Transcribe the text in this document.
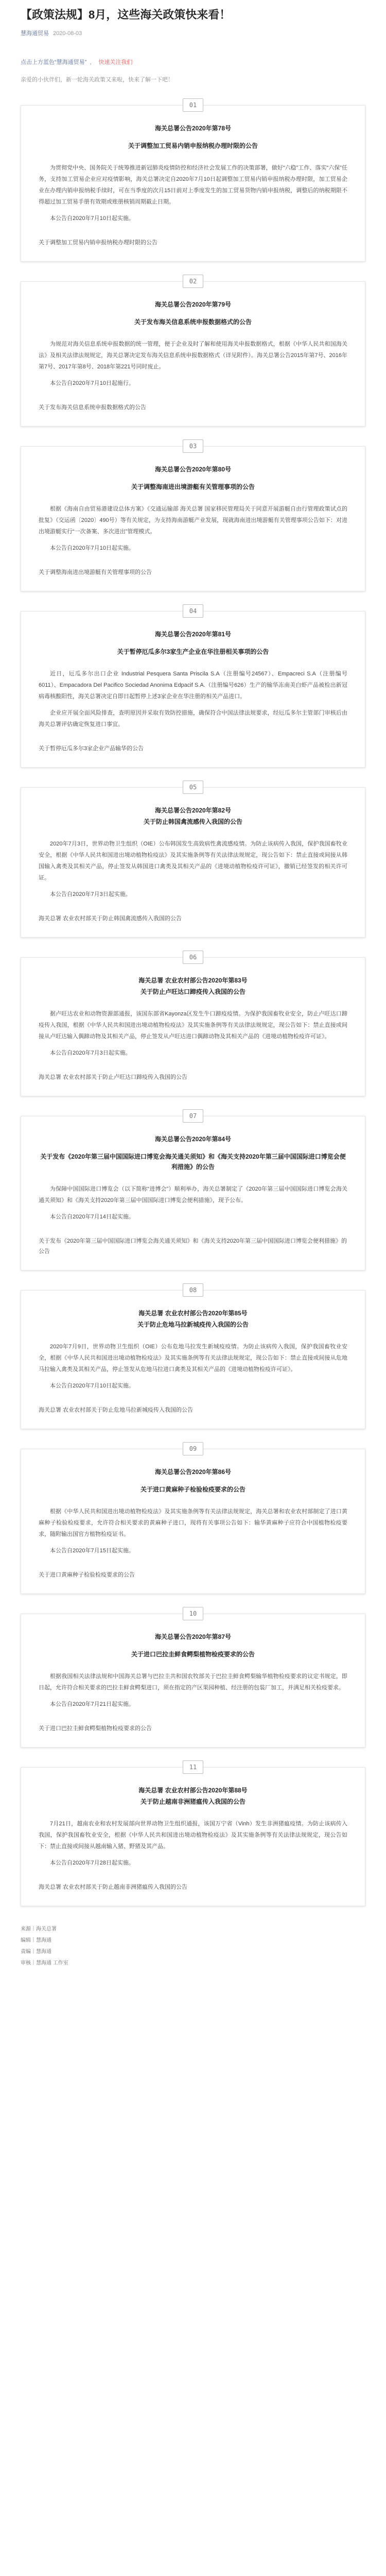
【政策法规】8月，这些海关政策快来看！
慧海通贸易 2020-08-03
点击上方蓝色“慧海通贸易” ， 快速关注我们
亲爱的小伙伴们，新一轮海关政策又来啦，快来了解一下吧！
01
海关总署公告2020年第78号
关于调整加工贸易内销申报纳税办理时限的公告

为贯彻党中央、国务院关于统筹推进新冠肺炎疫情防控和经济社会发展工作的决策部署，做好“六稳”工作、落实“六保”任务，支持加工贸易企业应对疫情影响，海关总署决定自2020年7月10日起调整加工贸易内销申报纳税办理时限，加工贸易企业在办理内销申报纳税手续时，可在当季度的次月15日前对上季度发生的加工贸易货物内销申报纳税，调整后的纳税期限不得超过加工贸易手册有效期或账册核销周期截止日期。

本公告自2020年7月10日起实施。

关于调整加工贸易内销申报纳税办理时限的公告
02
海关总署公告2020年第79号
关于发布海关信息系统申报数据格式的公告

为规范对海关信息系统申报数据的统一管理，便于企业及时了解和使用海关申报数据格式，根据《中华人民共和国海关法》及相关法律法规规定，海关总署决定发布海关信息系统申报数据格式（详见附件）。海关总署公告2015年第7号、2016年第7号、2017年第8号、2018年第221号同时废止。

本公告自2020年7月10日起施行。

关于发布海关信息系统申报数据格式的公告
03
海关总署公告2020年第80号
关于调整海南进出境游艇有关管理事项的公告

根据《海南自由贸易港建设总体方案》《交通运输部 海关总署 国家移民管理局关于同意开展游艇自由行管理政策试点的批复》（交运函〔2020〕490号）等有关规定，为支持海南游艇产业发展，现就海南进出境游艇有关管理事项公告如下：对进出境游艇实行“一次备案、多次进出”管理模式。

本公告自2020年7月10日起实施。

关于调整海南进出境游艇有关管理事项的公告
04
海关总署公告2020年第81号
关于暂停厄瓜多尔3家生产企业在华注册相关事项的公告

近日，厄瓜多尔出口企业 Industrial Pesquera Santa Priscila S.A（注册编号24567）、Empacreci S.A（注册编号6011）、Empacadora Del Pacifico Sociedad Anonima Edpacif S.A.（注册编号626）生产的输华冻南美白虾产品被检出新冠病毒核酸阳性，海关总署决定自即日起暂停上述3家企业在华注册的相关产品进口。

企业应开展全面风险排查，查明原因并采取有效防控措施，确保符合中国法律法规要求，经厄瓜多尔主管部门审核后由海关总署评估确定恢复进口事宜。

关于暂停厄瓜多尔3家企业产品输华的公告
05
海关总署公告2020年第82号
关于防止韩国禽流感传入我国的公告

2020年7月3日，世界动物卫生组织（OIE）公布韩国发生高致病性禽流感疫情。为防止该病传入我国，保护我国畜牧业安全，根据《中华人民共和国进出境动植物检疫法》及其实施条例等有关法律法规规定，现公告如下：禁止直接或间接从韩国输入禽类及其相关产品，停止签发从韩国进口禽类及其相关产品的《进境动植物检疫许可证》，撤销已经签发的相关许可证。

本公告自2020年7月3日起实施。

海关总署 农业农村部关于防止韩国禽流感传入我国的公告
06
海关总署 农业农村部公告2020年第83号
关于防止卢旺达口蹄疫传入我国的公告

据卢旺达农业和动物资源部通报，该国东部省Kayonza区发生牛口蹄疫疫情。为保护我国畜牧业安全，防止卢旺达口蹄疫传入我国，根据《中华人民共和国进出境动植物检疫法》及其实施条例等有关法律法规规定，现公告如下：禁止直接或间接从卢旺达输入偶蹄动物及其相关产品，停止签发从卢旺达进口偶蹄动物及其相关产品的《进境动植物检疫许可证》。

本公告自2020年7月3日起实施。

海关总署 农业农村部关于防止卢旺达口蹄疫传入我国的公告
07
海关总署公告2020年第84号
关于发布《2020年第三届中国国际进口博览会海关通关须知》和《海关支持2020年第三届中国国际进口博览会便利措施》的公告

为保障中国国际进口博览会（以下简称“进博会”）顺利举办，海关总署制定了《2020年第三届中国国际进口博览会海关通关须知》和《海关支持2020年第三届中国国际进口博览会便利措施》，现予公布。

本公告自2020年7月14日起实施。

关于发布《2020年第三届中国国际进口博览会海关通关须知》和《海关支持2020年第三届中国国际进口博览会便利措施》的公告
08
海关总署 农业农村部公告2020年第85号
关于防止危地马拉新城疫传入我国的公告

2020年7月9日，世界动物卫生组织（OIE）公布危地马拉发生新城疫疫情。为防止该病传入我国，保护我国畜牧业安全，根据《中华人民共和国进出境动植物检疫法》及其实施条例等有关法律法规规定，现公告如下：禁止直接或间接从危地马拉输入禽类及其相关产品，停止签发从危地马拉进口禽类及其相关产品的《进境动植物检疫许可证》。

本公告自2020年7月10日起实施。

海关总署 农业农村部关于防止危地马拉新城疫传入我国的公告
09
海关总署公告2020年第86号
关于进口黄麻种子检验检疫要求的公告

根据《中华人民共和国进出境动植物检疫法》及其实施条例等有关法律法规规定，海关总署和农业农村部制定了进口黄麻种子检验检疫要求，允许符合相关要求的黄麻种子进口，现将有关事项公告如下：输华黄麻种子应符合中国植物检疫要求，随附输出国官方植物检疫证书。

本公告自2020年7月15日起实施。

关于进口黄麻种子检验检疫要求的公告
10
海关总署公告2020年第87号
关于进口巴拉圭鲜食鳄梨植物检疫要求的公告

根据我国相关法律法规和中国海关总署与巴拉圭共和国农牧部关于巴拉圭鲜食鳄梨输华植物检疫要求的议定书规定，即日起，允许符合相关要求的巴拉圭鲜食鳄梨进口，须在指定的产区果园种植、经注册的包装厂加工，并满足相关检疫要求。

本公告自2020年7月21日起实施。

关于进口巴拉圭鲜食鳄梨植物检疫要求的公告
11
海关总署 农业农村部公告2020年第88号
关于防止越南非洲猪瘟传入我国的公告

7月21日，越南农业和农村发展部向世界动物卫生组织通报，该国万宁省（Vinh）发生非洲猪瘟疫情。为防止该病传入我国，保护我国畜牧业安全，根据《中华人民共和国进出境动植物检疫法》及其实施条例等有关法律法规规定，现公告如下：禁止直接或间接从越南输入猪、野猪及其产品。

本公告自2020年7月28日起实施。

海关总署 农业农村部关于防止越南非洲猪瘟传入我国的公告
来源｜海关总署
编辑｜慧海通
责编｜慧海通
审核｜慧海通 工作室
